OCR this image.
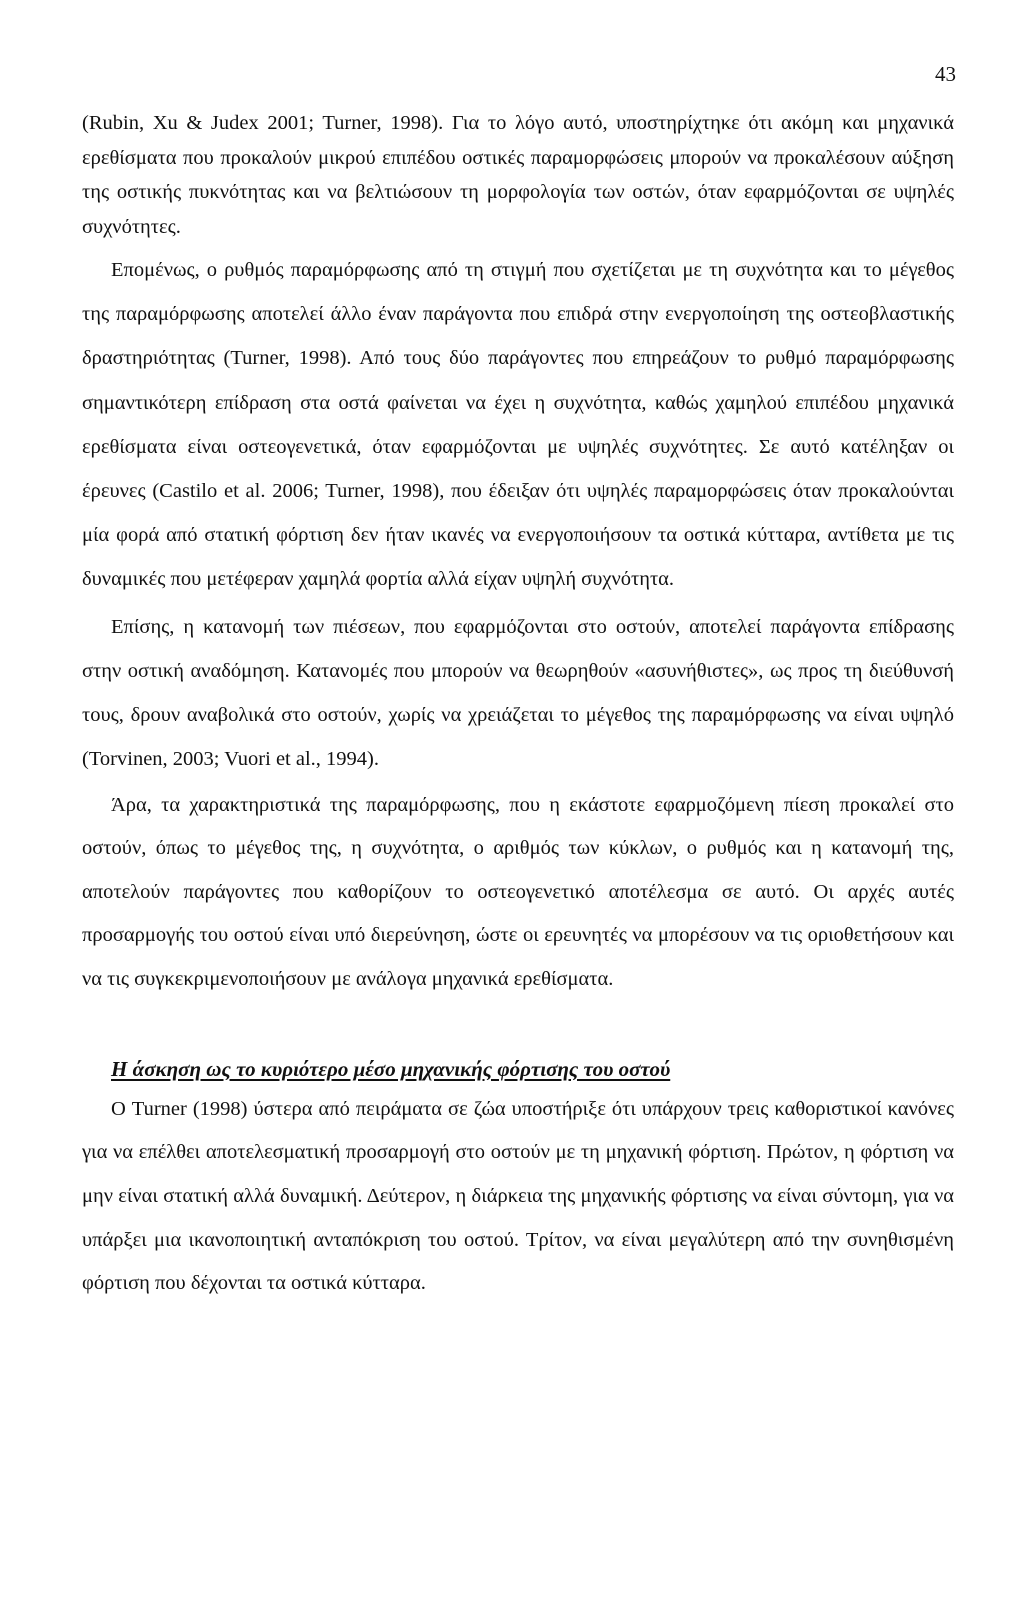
43

(Rubin, Xu & Judex 2001; Turner, 1998). Για το λόγο αυτό, υποστηρίχτηκε ότι ακόμη και μηχανικά ερεθίσματα που προκαλούν μικρού επιπέδου οστικές παραμορφώσεις μπορούν να προκαλέσουν αύξηση της οστικής πυκνότητας και να βελτιώσουν τη μορφολογία των οστών, όταν εφαρμόζονται σε υψηλές συχνότητες.

Επομένως, ο ρυθμός παραμόρφωσης από τη στιγμή που σχετίζεται με τη συχνότητα και το μέγεθος της παραμόρφωσης αποτελεί άλλο έναν παράγοντα που επιδρά στην ενεργοποίηση της οστεοβλαστικής δραστηριότητας (Turner, 1998). Από τους δύο παράγοντες που επηρεάζουν το ρυθμό παραμόρφωσης σημαντικότερη επίδραση στα οστά φαίνεται να έχει η συχνότητα, καθώς χαμηλού επιπέδου μηχανικά ερεθίσματα είναι οστεογενετικά, όταν εφαρμόζονται με υψηλές συχνότητες. Σε αυτό κατέληξαν οι έρευνες (Castilo et al. 2006; Turner, 1998), που έδειξαν ότι υψηλές παραμορφώσεις όταν προκαλούνται μία φορά από στατική φόρτιση δεν ήταν ικανές να ενεργοποιήσουν τα οστικά κύτταρα, αντίθετα με τις δυναμικές που μετέφεραν χαμηλά φορτία αλλά είχαν υψηλή συχνότητα.

Επίσης, η κατανομή των πιέσεων, που εφαρμόζονται στο οστούν, αποτελεί παράγοντα επίδρασης στην οστική αναδόμηση. Κατανομές που μπορούν να θεωρηθούν «ασυνήθιστες», ως προς τη διεύθυνσή τους, δρουν αναβολικά στο οστούν, χωρίς να χρειάζεται το μέγεθος της παραμόρφωσης να είναι υψηλό (Torvinen, 2003; Vuori et al., 1994).

Άρα, τα χαρακτηριστικά της παραμόρφωσης, που η εκάστοτε εφαρμοζόμενη πίεση προκαλεί στο οστούν, όπως το μέγεθος της, η συχνότητα, ο αριθμός των κύκλων, ο ρυθμός και η κατανομή της, αποτελούν παράγοντες που καθορίζουν το οστεογενετικό αποτέλεσμα σε αυτό. Οι αρχές αυτές προσαρμογής του οστού είναι υπό διερεύνηση, ώστε οι ερευνητές να μπορέσουν να τις οριοθετήσουν και να τις συγκεκριμενοποιήσουν με ανάλογα μηχανικά ερεθίσματα.

Η άσκηση ως το κυριότερο μέσο μηχανικής φόρτισης του οστού

Ο Turner (1998) ύστερα από πειράματα σε ζώα υποστήριξε ότι υπάρχουν τρεις καθοριστικοί κανόνες για να επέλθει αποτελεσματική προσαρμογή στο οστούν με τη μηχανική φόρτιση. Πρώτον, η φόρτιση να μην είναι στατική αλλά δυναμική. Δεύτερον, η διάρκεια της μηχανικής φόρτισης να είναι σύντομη, για να υπάρξει μια ικανοποιητική ανταπόκριση του οστού. Τρίτον, να είναι μεγαλύτερη από την συνηθισμένη φόρτιση που δέχονται τα οστικά κύτταρα.
